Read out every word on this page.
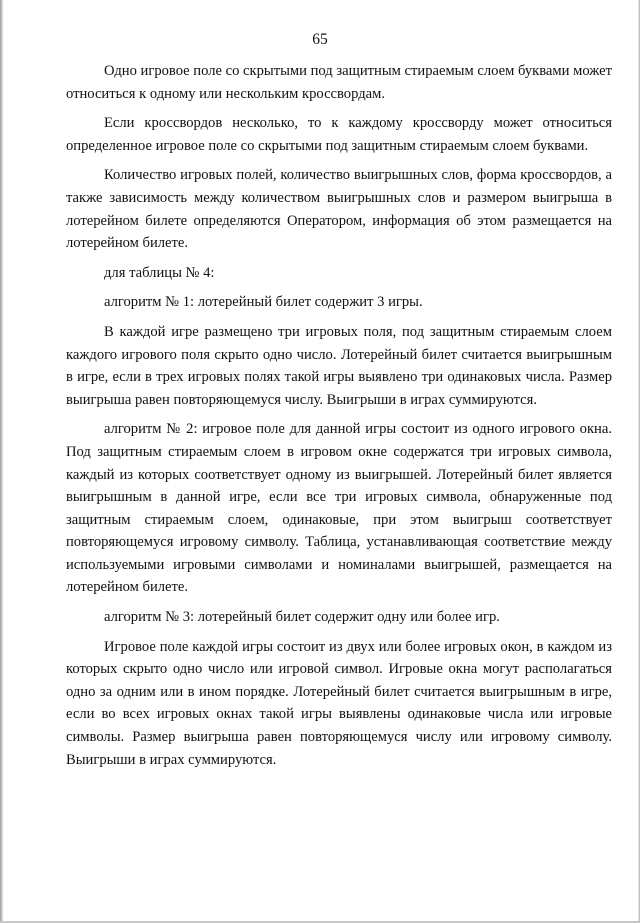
65

Одно игровое поле со скрытыми под защитным стираемым слоем буквами может относиться к одному или нескольким кроссвордам.

Если кроссвордов несколько, то к каждому кроссворду может относиться определенное игровое поле со скрытыми под защитным стираемым слоем буквами.

Количество игровых полей, количество выигрышных слов, форма кроссвордов, а также зависимость между количеством выигрышных слов и размером выигрыша в лотерейном билете определяются Оператором, информация об этом размещается на лотерейном билете.

для таблицы № 4:

алгоритм № 1: лотерейный билет содержит 3 игры.

В каждой игре размещено три игровых поля, под защитным стираемым слоем каждого игрового поля скрыто одно число. Лотерейный билет считается выигрышным в игре, если в трех игровых полях такой игры выявлено три одинаковых числа. Размер выигрыша равен повторяющемуся числу. Выигрыши в играх суммируются.

алгоритм № 2: игровое поле для данной игры состоит из одного игрового окна. Под защитным стираемым слоем в игровом окне содержатся три игровых символа, каждый из которых соответствует одному из выигрышей. Лотерейный билет является выигрышным в данной игре, если все три игровых символа, обнаруженные под защитным стираемым слоем, одинаковые, при этом выигрыш соответствует повторяющемуся игровому символу. Таблица, устанавливающая соответствие между используемыми игровыми символами и номиналами выигрышей, размещается на лотерейном билете.

алгоритм № 3: лотерейный билет содержит одну или более игр.

Игровое поле каждой игры состоит из двух или более игровых окон, в каждом из которых скрыто одно число или игровой символ. Игровые окна могут располагаться одно за одним или в ином порядке. Лотерейный билет считается выигрышным в игре, если во всех игровых окнах такой игры выявлены одинаковые числа или игровые символы. Размер выигрыша равен повторяющемуся числу или игровому символу. Выигрыши в играх суммируются.
